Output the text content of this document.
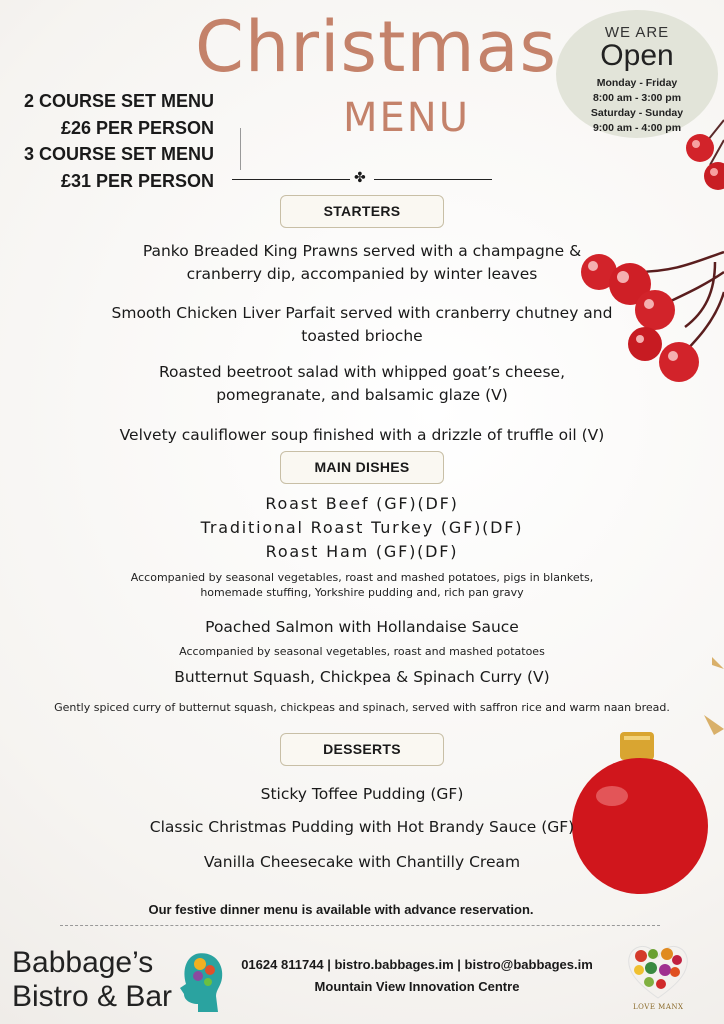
Christmas
MENU
2 COURSE SET MENU
£26 PER PERSON
3 COURSE SET MENU
£31 PER PERSON	✤
WE ARE
Open
Monday - Friday
8:00 am - 3:00 pm
Saturday - Sunday
9:00 am - 4:00 pm
STARTERS
Panko Breaded King Prawns served with a champagne & cranberry dip, accompanied by winter leaves
Smooth Chicken Liver Parfait served with cranberry chutney and toasted brioche
Roasted beetroot salad with whipped goat’s cheese, pomegranate, and balsamic glaze (V)
Velvety cauliflower soup finished with a drizzle of truffle oil (V)
MAIN DISHES
Roast Beef (GF)(DF)
Traditional Roast Turkey (GF)(DF)
Roast Ham (GF)(DF)
Accompanied by seasonal vegetables, roast and mashed potatoes, pigs in blankets, homemade stuffing, Yorkshire pudding and, rich pan gravy
Poached Salmon with Hollandaise Sauce
Accompanied by seasonal vegetables, roast and mashed potatoes
Butternut Squash, Chickpea & Spinach Curry (V)
Gently spiced curry of butternut squash, chickpeas and spinach, served with saffron rice and warm naan bread.
DESSERTS
Sticky Toffee Pudding (GF)
Classic Christmas Pudding with Hot Brandy Sauce (GF)
Vanilla Cheesecake with Chantilly Cream
Our festive dinner menu is available with advance reservation.
Babbage’s
Bistro & Bar
01624 811744 | bistro.babbages.im | bistro@babbages.im
Mountain View Innovation Centre
LOVE MANX
